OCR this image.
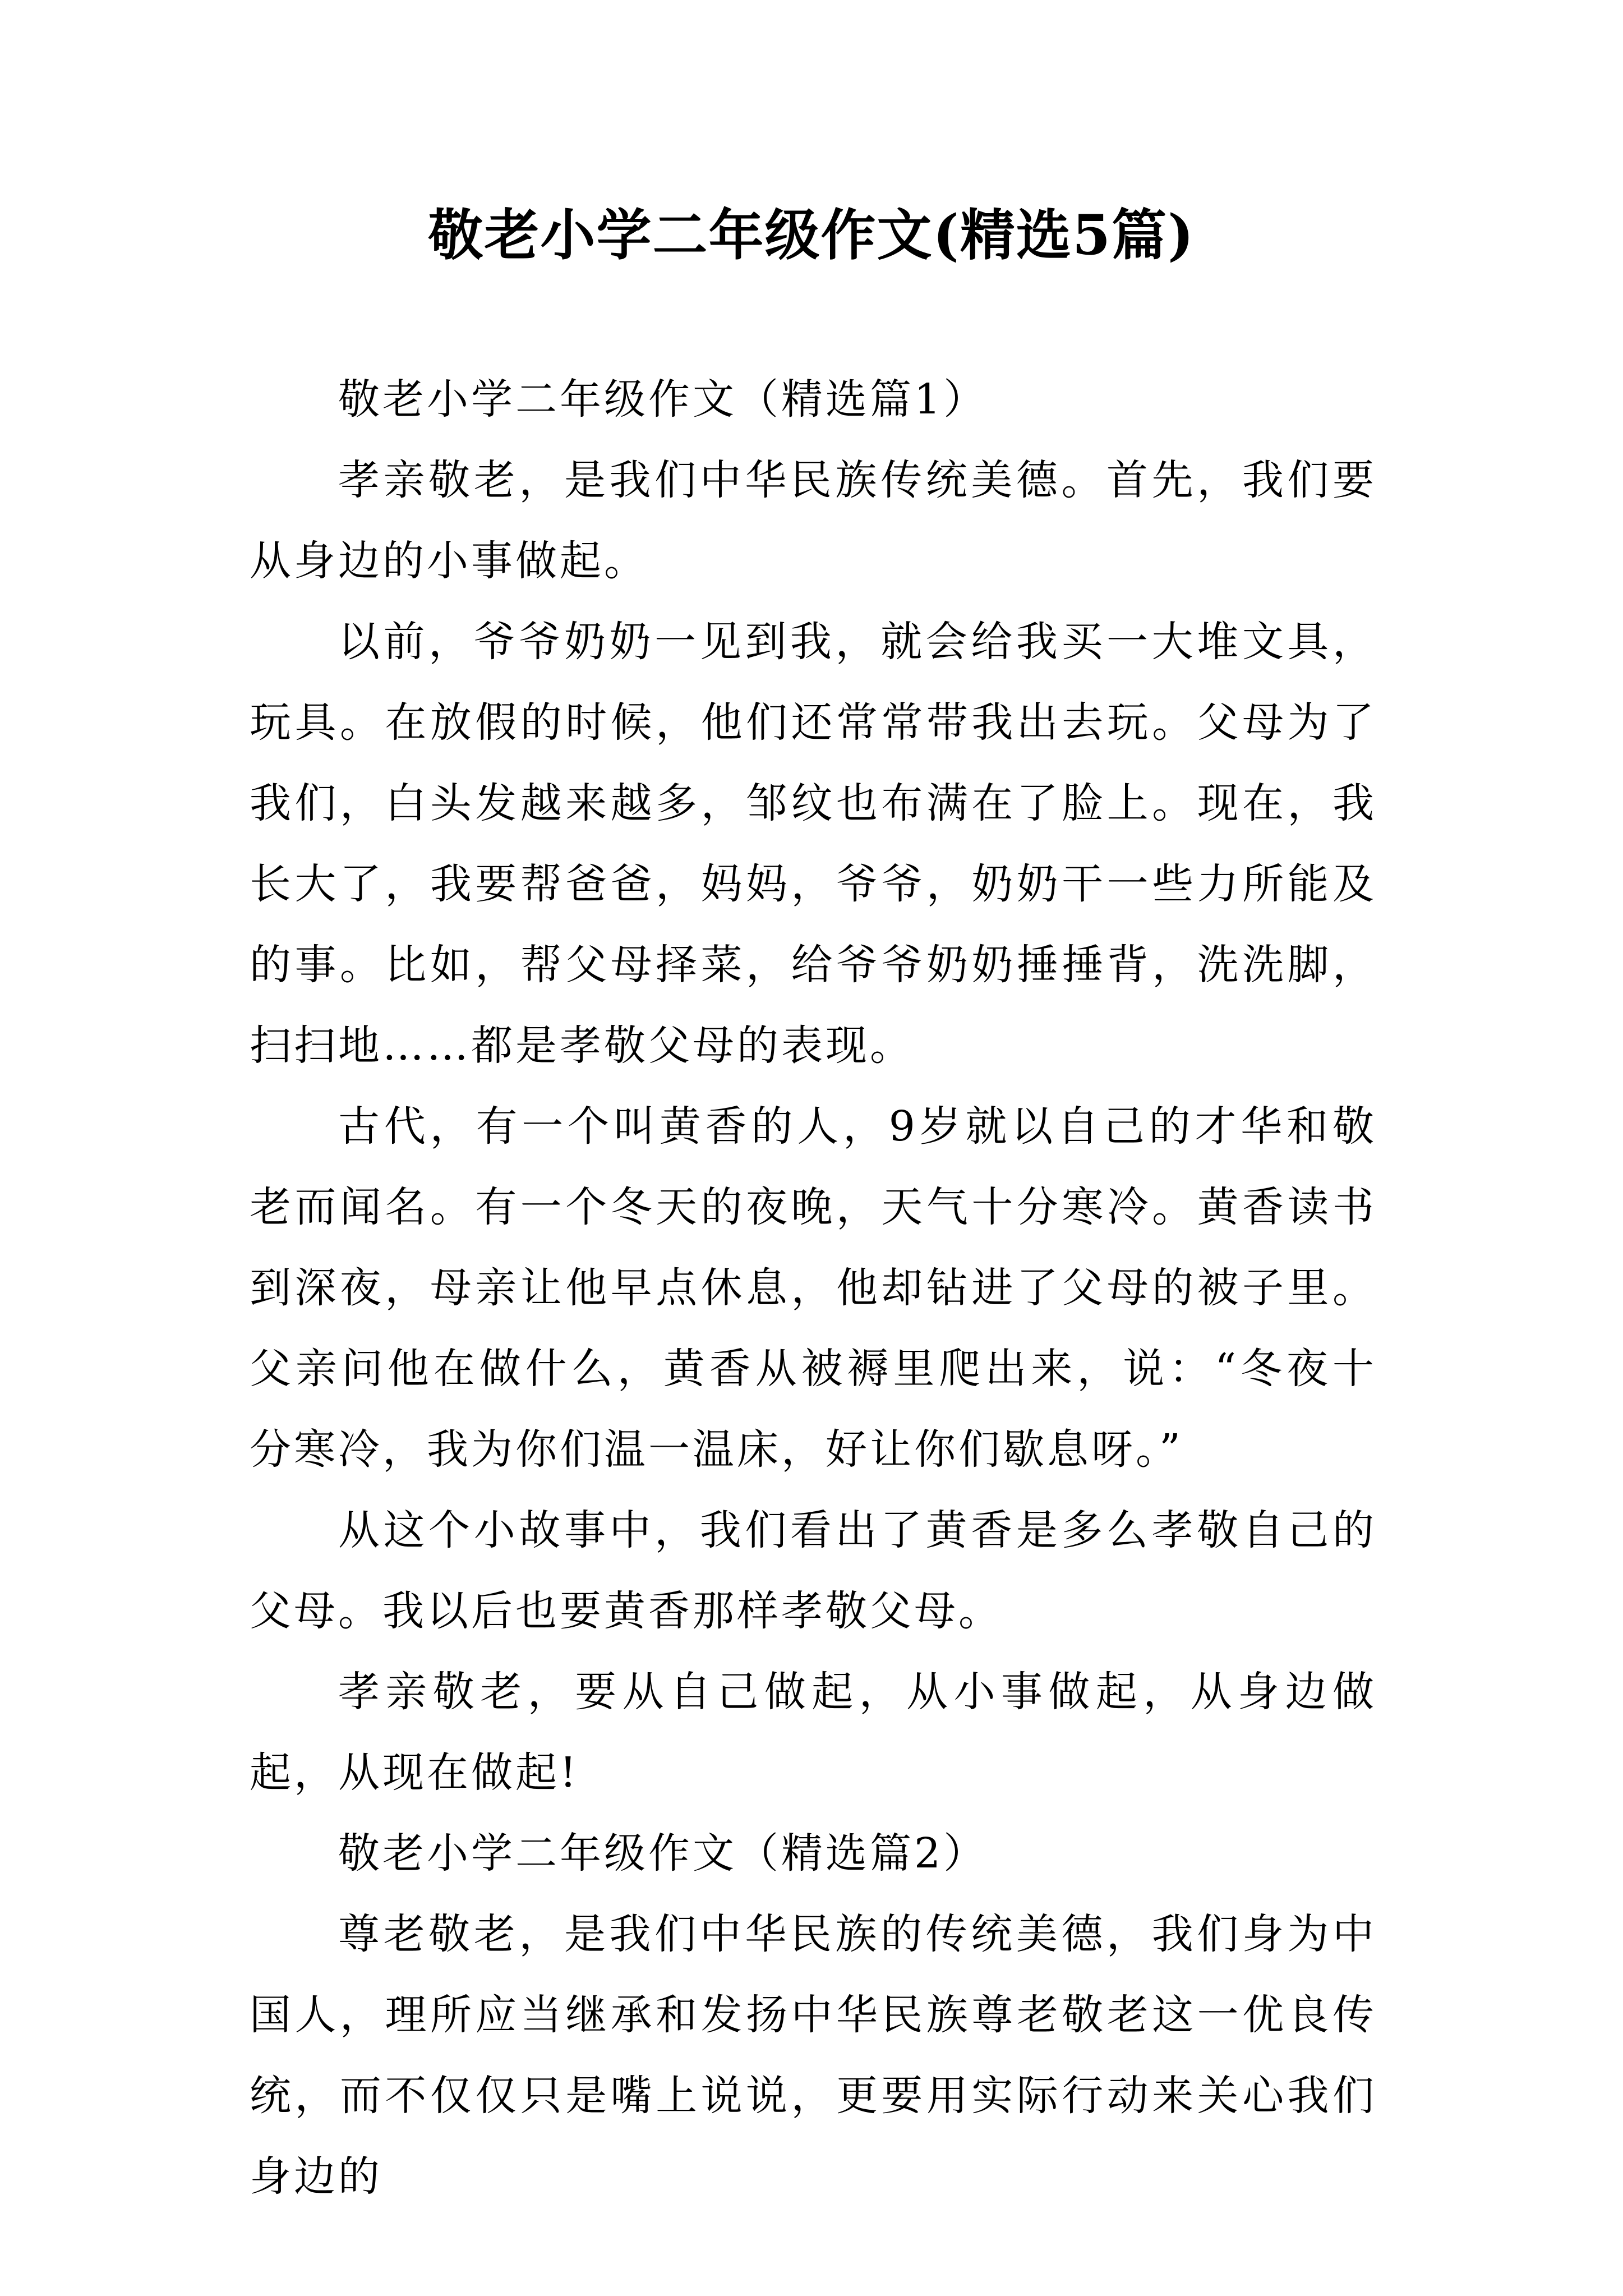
敬老小学二年级作文(精选5篇)

敬老小学二年级作文（精选篇1）

孝亲敬老，是我们中华民族传统美德。首先，我们要从身边的小事做起。

以前，爷爷奶奶一见到我，就会给我买一大堆文具，玩具。在放假的时候，他们还常常带我出去玩。父母为了我们，白头发越来越多，邹纹也布满在了脸上。现在，我长大了，我要帮爸爸，妈妈，爷爷，奶奶干一些力所能及的事。比如，帮父母择菜，给爷爷奶奶捶捶背，洗洗脚，扫扫地……都是孝敬父母的表现。

古代，有一个叫黄香的人，9岁就以自己的才华和敬老而闻名。有一个冬天的夜晚，天气十分寒冷。黄香读书到深夜，母亲让他早点休息，他却钻进了父母的被子里。父亲问他在做什么，黄香从被褥里爬出来，说：“冬夜十分寒冷，我为你们温一温床，好让你们歇息呀。”

从这个小故事中，我们看出了黄香是多么孝敬自己的父母。我以后也要黄香那样孝敬父母。

孝亲敬老，要从自己做起，从小事做起，从身边做起，从现在做起!

敬老小学二年级作文（精选篇2）

尊老敬老，是我们中华民族的传统美德，我们身为中国人，理所应当继承和发扬中华民族尊老敬老这一优良传统，而不仅仅只是嘴上说说，更要用实际行动来关心我们身边的
